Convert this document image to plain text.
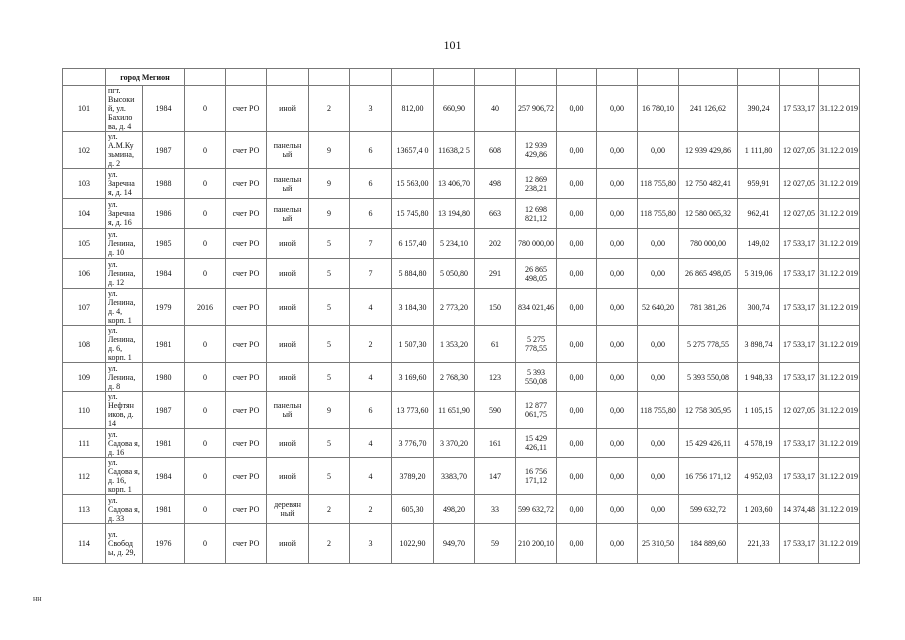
101
	город Мегион																	
101	пгт. Высоки й, ул. Бахило ва, д. 4	1984	0	счет РО	иной	2	3	812,00	660,90	40	257 906,72	0,00	0,00	16 780,10	241 126,62	390,24	17 533,17	31.12.2 019
102	ул. А.М.Ку зьмина, д. 2	1987	0	счет РО	панельн ый	9	6	13657,4 0	11638,2 5	608	12 939 429,86	0,00	0,00	0,00	12 939 429,86	1 111,80	12 027,05	31.12.2 019
103	ул. Заречна я, д. 14	1988	0	счет РО	панельн ый	9	6	15 563,00	13 406,70	498	12 869 238,21	0,00	0,00	118 755,80	12 750 482,41	959,91	12 027,05	31.12.2 019
104	ул. Заречна я, д. 16	1986	0	счет РО	панельн ый	9	6	15 745,80	13 194,80	663	12 698 821,12	0,00	0,00	118 755,80	12 580 065,32	962,41	12 027,05	31.12.2 019
105	ул. Ленина, д. 10	1985	0	счет РО	иной	5	7	6 157,40	5 234,10	202	780 000,00	0,00	0,00	0,00	780 000,00	149,02	17 533,17	31.12.2 019
106	ул. Ленина, д. 12	1984	0	счет РО	иной	5	7	5 884,80	5 050,80	291	26 865 498,05	0,00	0,00	0,00	26 865 498,05	5 319,06	17 533,17	31.12.2 019
107	ул. Ленина, д. 4, корп. 1	1979	2016	счет РО	иной	5	4	3 184,30	2 773,20	150	834 021,46	0,00	0,00	52 640,20	781 381,26	300,74	17 533,17	31.12.2 019
108	ул. Ленина, д. 6, корп. 1	1981	0	счет РО	иной	5	2	1 507,30	1 353,20	61	5 275 778,55	0,00	0,00	0,00	5 275 778,55	3 898,74	17 533,17	31.12.2 019
109	ул. Ленина, д. 8	1980	0	счет РО	иной	5	4	3 169,60	2 768,30	123	5 393 550,08	0,00	0,00	0,00	5 393 550,08	1 948,33	17 533,17	31.12.2 019
110	ул. Нефтян иков, д. 14	1987	0	счет РО	панельн ый	9	6	13 773,60	11 651,90	590	12 877 061,75	0,00	0,00	118 755,80	12 758 305,95	1 105,15	12 027,05	31.12.2 019
111	ул. Садова я, д. 16	1981	0	счет РО	иной	5	4	3 776,70	3 370,20	161	15 429 426,11	0,00	0,00	0,00	15 429 426,11	4 578,19	17 533,17	31.12.2 019
112	ул. Садова я, д. 16, корп. 1	1984	0	счет РО	иной	5	4	3789,20	3383,70	147	16 756 171,12	0,00	0,00	0,00	16 756 171,12	4 952,03	17 533,17	31.12.2 019
113	ул. Садова я, д. 33	1981	0	счет РО	деревян ный	2	2	605,30	498,20	33	599 632,72	0,00	0,00	0,00	599 632,72	1 203,60	14 374,48	31.12.2 019
114	ул. Свобод ы, д. 29,	1976	0	счет РО	иной	2	3	1022,90	949,70	59	210 200,10	0,00	0,00	25 310,50	184 889,60	221,33	17 533,17	31.12.2 019
нн
